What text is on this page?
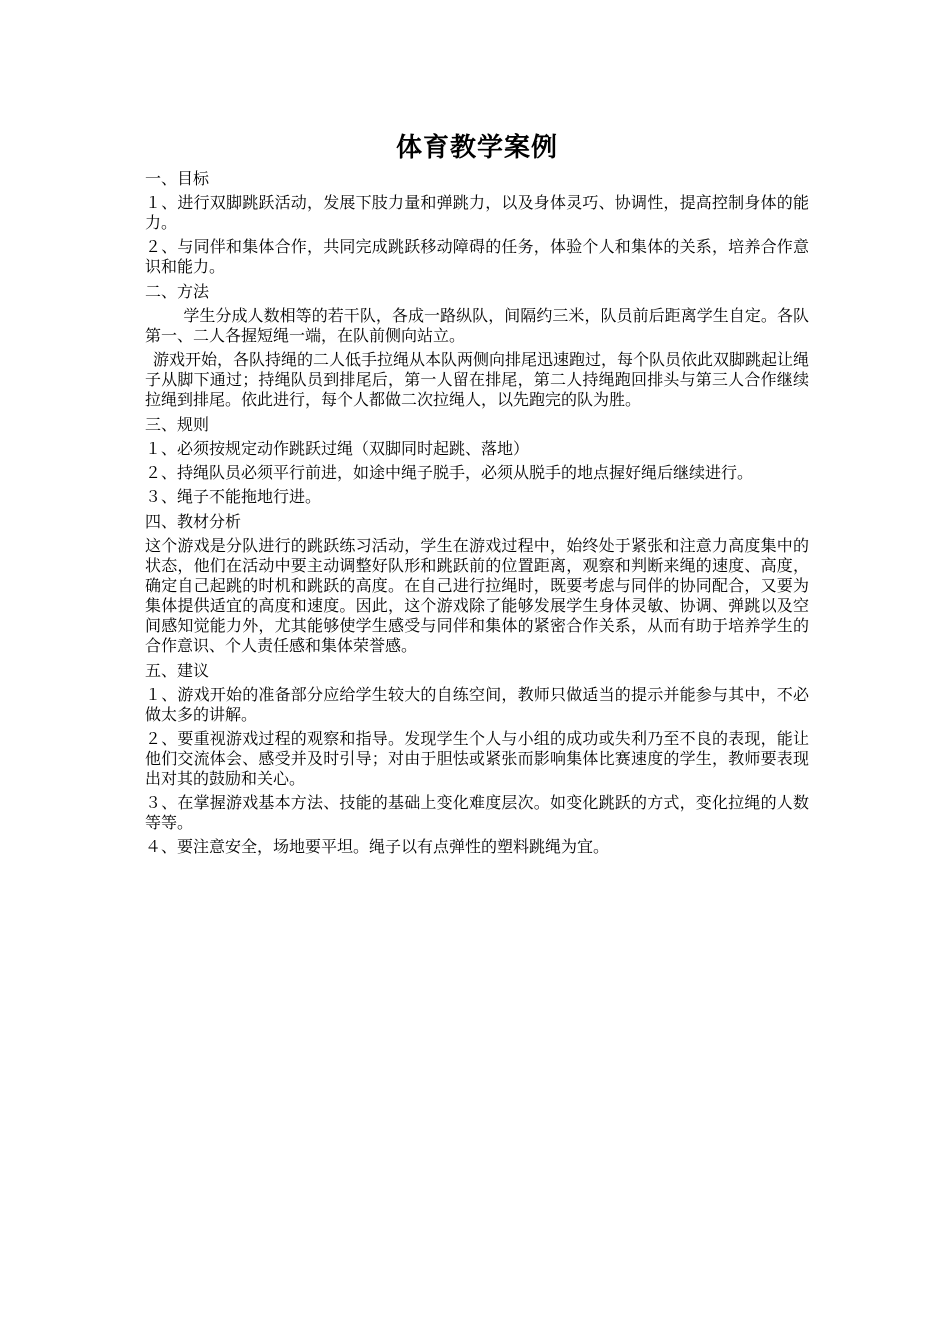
体育教学案例
一、目标
１、进行双脚跳跃活动，发展下肢力量和弹跳力，以及身体灵巧、协调性，提高控制身体的能力。
２、与同伴和集体合作，共同完成跳跃移动障碍的任务，体验个人和集体的关系，培养合作意识和能力。
二、方法
学生分成人数相等的若干队，各成一路纵队，间隔约三米，队员前后距离学生自定。各队第一、二人各握短绳一端，在队前侧向站立。
游戏开始，各队持绳的二人低手拉绳从本队两侧向排尾迅速跑过，每个队员依此双脚跳起让绳子从脚下通过；持绳队员到排尾后，第一人留在排尾，第二人持绳跑回排头与第三人合作继续拉绳到排尾。依此进行，每个人都做二次拉绳人，以先跑完的队为胜。
三、规则
１、必须按规定动作跳跃过绳（双脚同时起跳、落地）
２、持绳队员必须平行前进，如途中绳子脱手，必须从脱手的地点握好绳后继续进行。
３、绳子不能拖地行进。
四、教材分析
这个游戏是分队进行的跳跃练习活动，学生在游戏过程中，始终处于紧张和注意力高度集中的状态，他们在活动中要主动调整好队形和跳跃前的位置距离，观察和判断来绳的速度、高度，确定自己起跳的时机和跳跃的高度。在自己进行拉绳时，既要考虑与同伴的协同配合，又要为集体提供适宜的高度和速度。因此，这个游戏除了能够发展学生身体灵敏、协调、弹跳以及空间感知觉能力外，尤其能够使学生感受与同伴和集体的紧密合作关系，从而有助于培养学生的合作意识、个人责任感和集体荣誉感。
五、建议
１、游戏开始的准备部分应给学生较大的自练空间，教师只做适当的提示并能参与其中，不必做太多的讲解。
２、要重视游戏过程的观察和指导。发现学生个人与小组的成功或失利乃至不良的表现，能让他们交流体会、感受并及时引导；对由于胆怯或紧张而影响集体比赛速度的学生，教师要表现出对其的鼓励和关心。
３、在掌握游戏基本方法、技能的基础上变化难度层次。如变化跳跃的方式，变化拉绳的人数等等。
４、要注意安全，场地要平坦。绳子以有点弹性的塑料跳绳为宜。
